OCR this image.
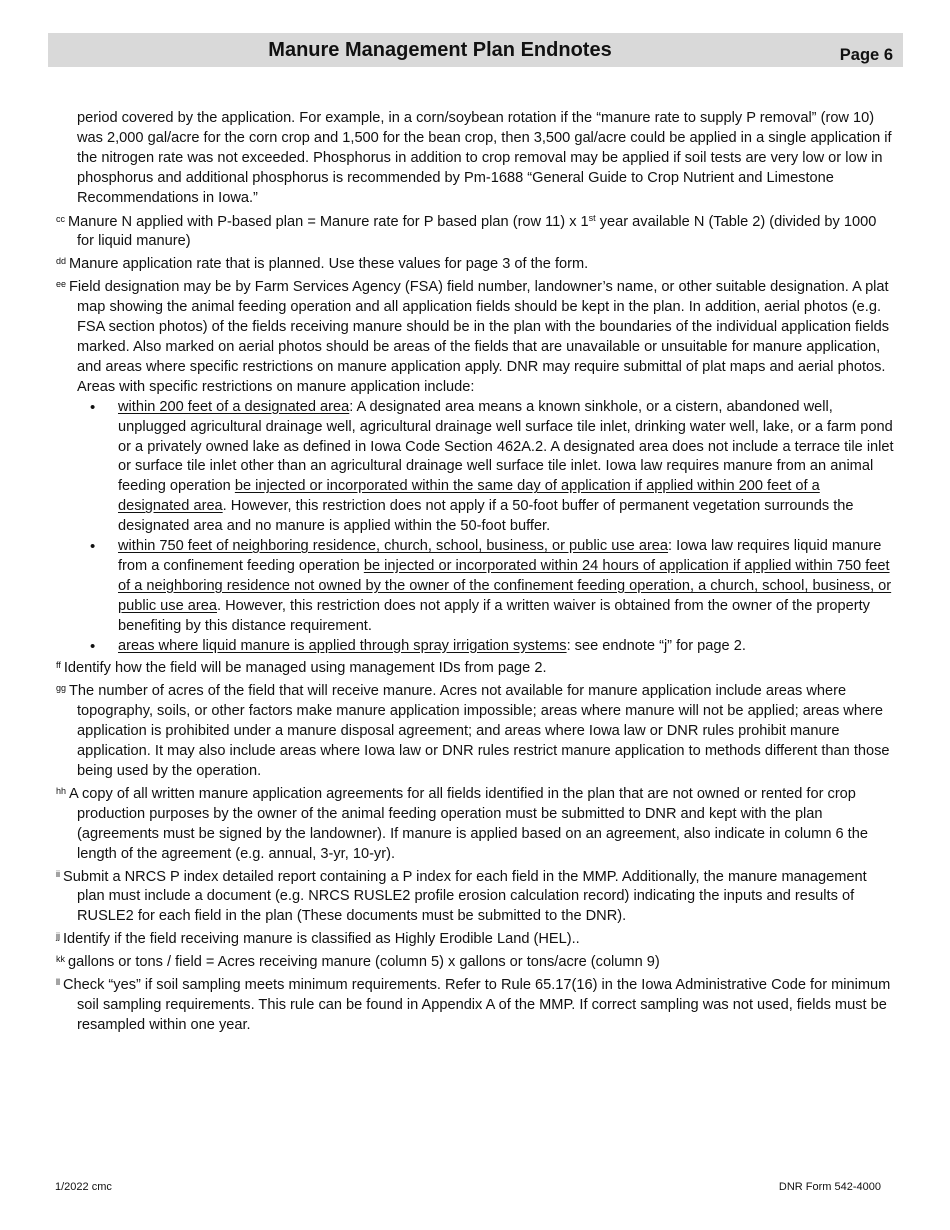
Manure Management Plan Endnotes	Page 6
period covered by the application. For example, in a corn/soybean rotation if the “manure rate to supply P removal” (row 10) was 2,000 gal/acre for the corn crop and 1,500 for the bean crop, then 3,500 gal/acre could be applied in a single application if the nitrogen rate was not exceeded. Phosphorus in addition to crop removal may be applied if soil tests are very low or low in phosphorus and additional phosphorus is recommended by Pm-1688 “General Guide to Crop Nutrient and Limestone Recommendations in Iowa.”
$^{cc}$ Manure N applied with P-based plan = Manure rate for P based plan (row 11) x 1st year available N (Table 2) (divided by 1000 for liquid manure)
$^{dd}$ Manure application rate that is planned. Use these values for page 3 of the form.
$^{ee}$ Field designation may be by Farm Services Agency (FSA) field number, landowner’s name, or other suitable designation. A plat map showing the animal feeding operation and all application fields should be kept in the plan. In addition, aerial photos (e.g. FSA section photos) of the fields receiving manure should be in the plan with the boundaries of the individual application fields marked. Also marked on aerial photos should be areas of the fields that are unavailable or unsuitable for manure application, and areas where specific restrictions on manure application apply. DNR may require submittal of plat maps and aerial photos. Areas with specific restrictions on manure application include:
• within 200 feet of a designated area: A designated area means a known sinkhole, or a cistern, abandoned well, unplugged agricultural drainage well, agricultural drainage well surface tile inlet, drinking water well, lake, or a farm pond or a privately owned lake as defined in Iowa Code Section 462A.2. A designated area does not include a terrace tile inlet or surface tile inlet other than an agricultural drainage well surface tile inlet. Iowa law requires manure from an animal feeding operation be injected or incorporated within the same day of application if applied within 200 feet of a designated area. However, this restriction does not apply if a 50-foot buffer of permanent vegetation surrounds the designated area and no manure is applied within the 50-foot buffer.
• within 750 feet of neighboring residence, church, school, business, or public use area: Iowa law requires liquid manure from a confinement feeding operation be injected or incorporated within 24 hours of application if applied within 750 feet of a neighboring residence not owned by the owner of the confinement feeding operation, a church, school, business, or public use area. However, this restriction does not apply if a written waiver is obtained from the owner of the property benefiting by this distance requirement.
• areas where liquid manure is applied through spray irrigation systems: see endnote “j” for page 2.
$^{ff}$ Identify how the field will be managed using management IDs from page 2.
$^{gg}$ The number of acres of the field that will receive manure. Acres not available for manure application include areas where topography, soils, or other factors make manure application impossible; areas where manure will not be applied; areas where application is prohibited under a manure disposal agreement; and areas where Iowa law or DNR rules prohibit manure application. It may also include areas where Iowa law or DNR rules restrict manure application to methods different than those being used by the operation.
$^{hh}$ A copy of all written manure application agreements for all fields identified in the plan that are not owned or rented for crop production purposes by the owner of the animal feeding operation must be submitted to DNR and kept with the plan (agreements must be signed by the landowner). If manure is applied based on an agreement, also indicate in column 6 the length of the agreement (e.g. annual, 3-yr, 10-yr).
$^{ii}$ Submit a NRCS P index detailed report containing a P index for each field in the MMP. Additionally, the manure management plan must include a document (e.g. NRCS RUSLE2 profile erosion calculation record) indicating the inputs and results of RUSLE2 for each field in the plan (These documents must be submitted to the DNR).
$^{jj}$ Identify if the field receiving manure is classified as Highly Erodible Land (HEL)..
$^{kk}$ gallons or tons / field = Acres receiving manure (column 5) x gallons or tons/acre (column 9)
$^{ll}$ Check “yes” if soil sampling meets minimum requirements. Refer to Rule 65.17(16) in the Iowa Administrative Code for minimum soil sampling requirements. This rule can be found in Appendix A of the MMP. If correct sampling was not used, fields must be resampled within one year.
1/2022 cmc	DNR Form 542-4000
